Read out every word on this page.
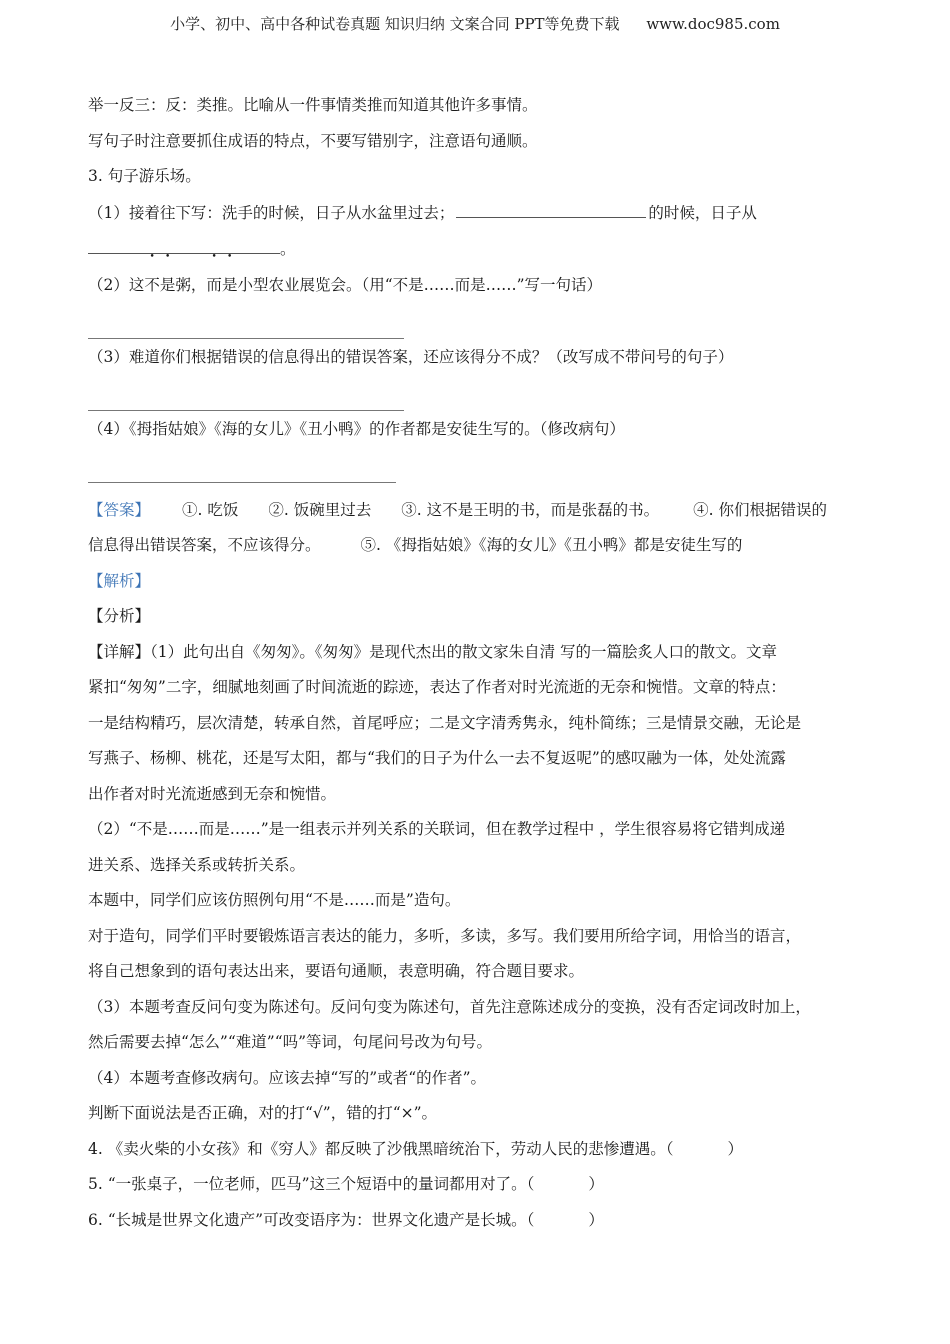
小学、初中、高中各种试卷真题 知识归纳 文案合同 PPT等免费下载 www.doc985.com
举一反三：反：类推。比喻从一件事情类推而知道其他许多事情。
写句子时注意要抓住成语的特点，不要写错别字，注意语句通顺。
3. 句子游乐场。
（1）接着往下写：洗手的时候，日子从水盆里过去；	的时候，日子从
。
（2）这不是粥，而是小型农业展览会。（用“不是……而是……”写一句话）
（3）难道你们根据错误的信息得出的错误答案，还应该得分不成？（改写成不带问号的句子）
（4）《拇指姑娘》《海的女儿》《丑小鸭》的作者都是安徒生写的。（修改病句）
【答案】 ①. 吃饭 ②. 饭碗里过去 ③. 这不是王明的书，而是张磊的书。 ④. 你们根据错误的
信息得出错误答案，不应该得分。	⑤. 《拇指姑娘》《海的女儿》《丑小鸭》都是安徒生写的
【解析】
【分析】
【详解】（1）此句出自《匆匆》。《匆匆》是现代杰出的散文家朱自清 写的一篇脍炙人口的散文。文章
紧扣“匆匆”二字，细腻地刻画了时间流逝的踪迹，表达了作者对时光流逝的无奈和惋惜。文章的特点：
一是结构精巧，层次清楚，转承自然，首尾呼应；二是文字清秀隽永，纯朴简练；三是情景交融，无论是
写燕子、杨柳、桃花，还是写太阳，都与“我们的日子为什么一去不复返呢”的感叹融为一体，处处流露
出作者对时光流逝感到无奈和惋惜。
（2）“不是……而是……”是一组表示并列关系的关联词，但在教学过程中 ，学生很容易将它错判成递
进关系、选择关系或转折关系。
本题中，同学们应该仿照例句用“不是……而是”造句。
对于造句，同学们平时要锻炼语言表达的能力，多听，多读，多写。我们要用所给字词，用恰当的语言，
将自己想象到的语句表达出来，要语句通顺，表意明确，符合题目要求。
（3）本题考查反问句变为陈述句。反问句变为陈述句，首先注意陈述成分的变换，没有否定词改时加上，
然后需要去掉“怎么”“难道”“吗”等词，句尾问号改为句号。
（4）本题考查修改病句。应该去掉“写的”或者“的作者”。
判断下面说法是否正确，对的打“√”，错的打“×”。
4. 《卖火柴的小女孩》和《穷人》都反映了沙俄黑暗统治下，劳动人民的悲惨遭遇。（	）
5. “一张桌子，一位老师，匹马”这三个短语中的量词都用对了。（	）
6. “长城是世界文化遗产”可改变语序为：世界文化遗产是长城。（	）
